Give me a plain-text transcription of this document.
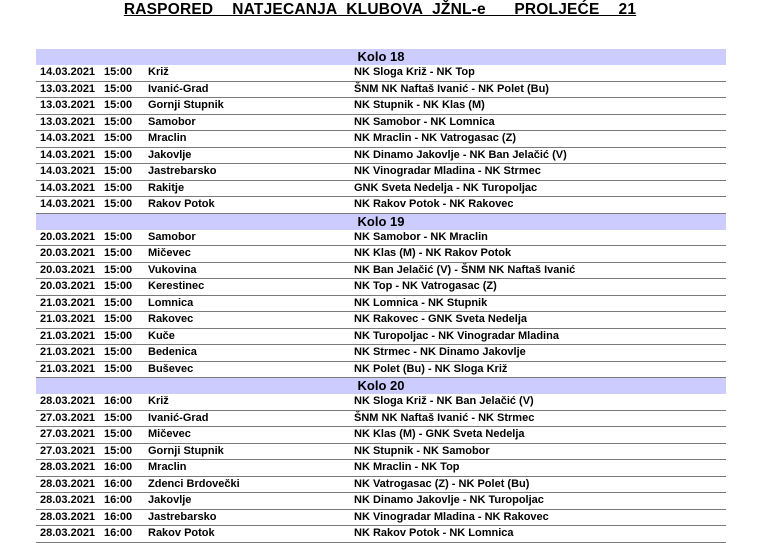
RASPORED  NATJECANJA KLUBOVA JŽNL-e   PROLJEĆE  21
Kolo 18
14.03.2021 15:00 Križ	NK Sloga Križ - NK Top
13.03.2021 15:00 Ivanić-Grad	ŠNM NK Naftaš Ivanić - NK Polet (Bu)
13.03.2021 15:00 Gornji Stupnik	NK Stupnik - NK Klas (M)
13.03.2021 15:00 Samobor	NK Samobor - NK Lomnica
14.03.2021 15:00 Mraclin	NK Mraclin - NK Vatrogasac (Z)
14.03.2021 15:00 Jakovlje	NK Dinamo Jakovlje - NK Ban Jelačić (V)
14.03.2021 15:00 Jastrebarsko	NK Vinogradar Mladina - NK Strmec
14.03.2021 15:00 Rakitje	GNK Sveta Nedelja - NK Turopoljac
14.03.2021 15:00 Rakov Potok	NK Rakov Potok - NK Rakovec
Kolo 19
20.03.2021 15:00 Samobor	NK Samobor - NK Mraclin
20.03.2021 15:00 Mičevec	NK Klas (M) - NK Rakov Potok
20.03.2021 15:00 Vukovina	NK Ban Jelačić (V) - ŠNM NK Naftaš Ivanić
20.03.2021 15:00 Kerestinec	NK Top - NK Vatrogasac (Z)
21.03.2021 15:00 Lomnica	NK Lomnica - NK Stupnik
21.03.2021 15:00 Rakovec	NK Rakovec - GNK Sveta Nedelja
21.03.2021 15:00 Kuče	NK Turopoljac - NK Vinogradar Mladina
21.03.2021 15:00 Bedenica	NK Strmec - NK Dinamo Jakovlje
21.03.2021 15:00 Buševec	NK Polet (Bu) - NK Sloga Križ
Kolo 20
28.03.2021 16:00 Križ	NK Sloga Križ - NK Ban Jelačić (V)
27.03.2021 15:00 Ivanić-Grad	ŠNM NK Naftaš Ivanić - NK Strmec
27.03.2021 15:00 Mičevec	NK Klas (M) - GNK Sveta Nedelja
27.03.2021 15:00 Gornji Stupnik	NK Stupnik - NK Samobor
28.03.2021 16:00 Mraclin	NK Mraclin - NK Top
28.03.2021 16:00 Zdenci Brdovečki	NK Vatrogasac (Z) - NK Polet (Bu)
28.03.2021 16:00 Jakovlje	NK Dinamo Jakovlje - NK Turopoljac
28.03.2021 16:00 Jastrebarsko	NK Vinogradar Mladina - NK Rakovec
28.03.2021 16:00 Rakov Potok	NK Rakov Potok - NK Lomnica
